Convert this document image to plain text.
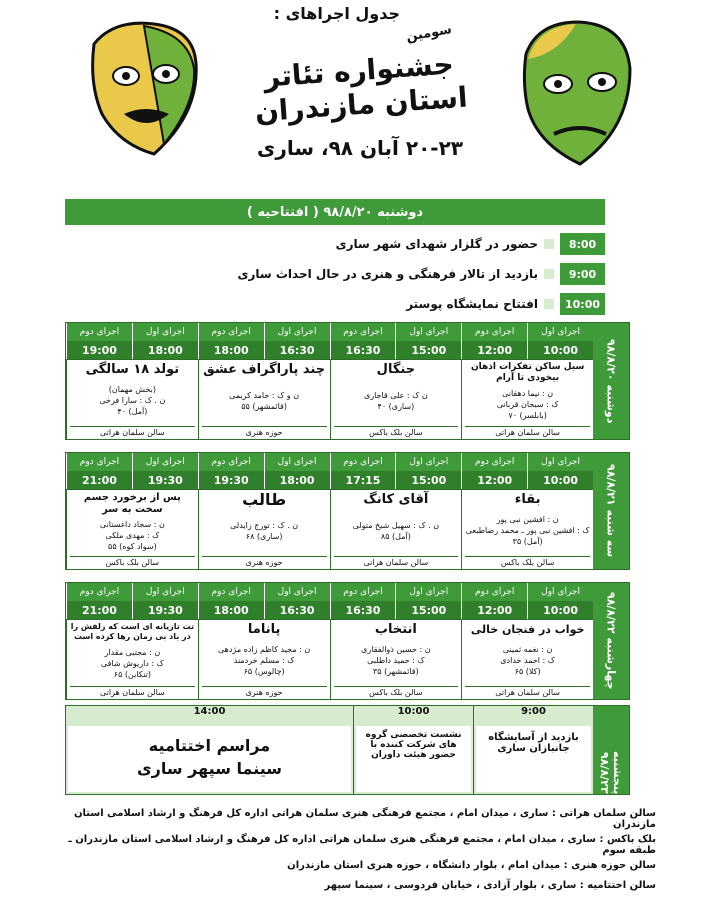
جدول اجراهای :
سومین
جشنواره تئاتر استان مازندران
۲۰-۲۳ آبان ۹۸، ساری
دوشنبه ۹۸/۸/۲۰ ( افتتاحیه )
8:00
حضور در گلزار شهدای شهر ساری
9:00
بازدید از تالار فرهنگی و هنری در حال احداث ساری
10:00
افتتاح نمایشگاه پوستر
دوشنبه ۹۸/۸/۲۰
اجرای اول
اجرای دوم
اجرای اول
اجرای دوم
اجرای اول
اجرای دوم
اجرای اول
اجرای دوم
10:00
12:00
15:00
16:30
16:30
18:00
18:00
19:00
سیل ساکن تفکرات اذهان بیخودی تا آرام
ن : نیما دهقانی
ک : سبحان قربانی
(بابلسر) ۷۰
سالن سلمان هراتی
جنگال
ن ک : علی قاجاری
(ساری) ۴۰
سالن بلک باکس
چند پاراگراف عشق
ن و ک : حامد کریمی
(قائمشهر) ۵۵
حوزه هنری
تولد ۱۸ سالگی
(بخش مهمان)
ن . ک : سارا فرخی
(آمل) ۴۰
سالن سلمان هراتی
سه شنبه ۹۸/۸/۲۱
اجرای اول
اجرای دوم
اجرای اول
اجرای دوم
اجرای اول
اجرای دوم
اجرای اول
اجرای دوم
10:00
12:00
15:00
17:15
18:00
19:30
19:30
21:00
بقاء
ن : افشین نبی پور
ک : افشین نبی پور ـ محمد رضاطبعی
(آمل) ۳۵
سالن بلک باکس
آقای کانگ
ن . ک : سهیل شیخ متولی
(آمل) ۸۵
سالن سلمان هراتی
طالب
ن . ک : تورج زایدلی
(ساری) ۶۸
حوزه هنری
پس از برخورد جسم سخت به سر
ن : سجاد داغستانی
ک : مهدی ملکی
(سواد کوه) ۵۵
سالن بلک باکس
چهارشنبه ۹۸/۸/۲۲
اجرای اول
اجرای دوم
اجرای اول
اجرای دوم
اجرای اول
اجرای دوم
اجرای اول
اجرای دوم
10:00
12:00
15:00
16:30
16:30
18:00
19:30
21:00
خواب در فنجان خالی
ن : نغمه ثمینی
ک : احمد خدادی
(کلا) ۶۵
سالن سلمان هراتی
انتخاب
ن : حسین ذوالفقاری
ک : حمید داطلبی
(قائمشهر) ۳۵
سالن بلک باکس
پاناما
ن : مجید کاظم زاده مژدهی
ک : مسلم خردمند
(چالوس) ۶۵
حوزه هنری
تت تازیانه ای است که زلفش را در باد بی زمان رها کرده است
ن : مجتبی مقدار
ک : داریوش شافی
(تنکابن) ۶۵
سالن سلمان هراتی
پنجشنبه ۹۸/۸/۲۳
9:00
بازدید از آسایشگاه جانبازان ساری
10:00
نشست تخصصی گروه های شرکت کننده با حضور هیئت داوران
14:00
مراسم اختتامیه
سینما سپهر ساری
سالن سلمان هراتی : ساری ، میدان امام ، مجتمع فرهنگی هنری سلمان هراتی اداره کل فرهنگ و ارشاد اسلامی استان مازندران
بلک باکس : ساری ، میدان امام ، مجتمع فرهنگی هنری سلمان هراتی اداره کل فرهنگ و ارشاد اسلامی استان مازندران ـ طبقه سوم
سالن حوزه هنری : میدان امام ، بلوار دانشگاه ، حوزه هنری استان مازندران
سالن اختتامیه : ساری ، بلوار آزادی ، خیابان فردوسی ، سینما سپهر
